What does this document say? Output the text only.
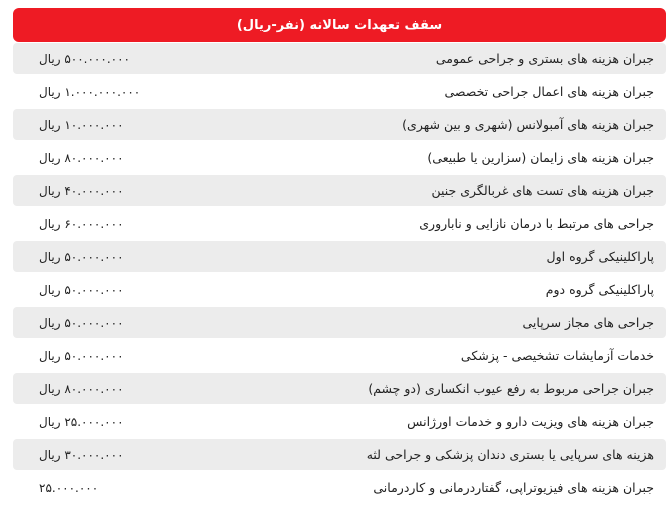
سقف تعهدات سالانه (نفر-ریال)
جبران هزینه های بستری و جراحی عمومی
۵۰۰.۰۰۰.۰۰۰ ریال
جبران هزینه های اعمال جراحی تخصصی
۱.۰۰۰.۰۰۰.۰۰۰ ریال
جبران هزینه های آمبولانس (شهری و بین شهری)
۱۰.۰۰۰.۰۰۰ ریال
جبران هزینه های زایمان (سزارین یا طبیعی)
۸۰.۰۰۰.۰۰۰ ریال
جبران هزینه های تست های غربالگری جنین
۴۰.۰۰۰.۰۰۰ ریال
جراحی های مرتبط با درمان نازایی و ناباروری
۶۰.۰۰۰.۰۰۰ ریال
پاراکلینیکی گروه اول
۵۰.۰۰۰.۰۰۰ ریال
پاراکلینیکی گروه دوم
۵۰.۰۰۰.۰۰۰ ریال
جراحی های مجاز سرپایی
۵۰.۰۰۰.۰۰۰ ریال
خدمات آزمایشات تشخیصی - پزشکی
۵۰.۰۰۰.۰۰۰ ریال
جبران جراحی مربوط به رفع عیوب انکساری (دو چشم)
۸۰.۰۰۰.۰۰۰ ریال
جبران هزینه های ویزیت دارو و خدمات اورژانس
۲۵.۰۰۰.۰۰۰ ریال
هزینه های سرپایی یا بستری دندان پزشکی و جراحی لثه
۳۰.۰۰۰.۰۰۰ ریال
جبران هزینه های فیزیوتراپی، گفتاردرمانی و کاردرمانی
۲۵.۰۰۰.۰۰۰
